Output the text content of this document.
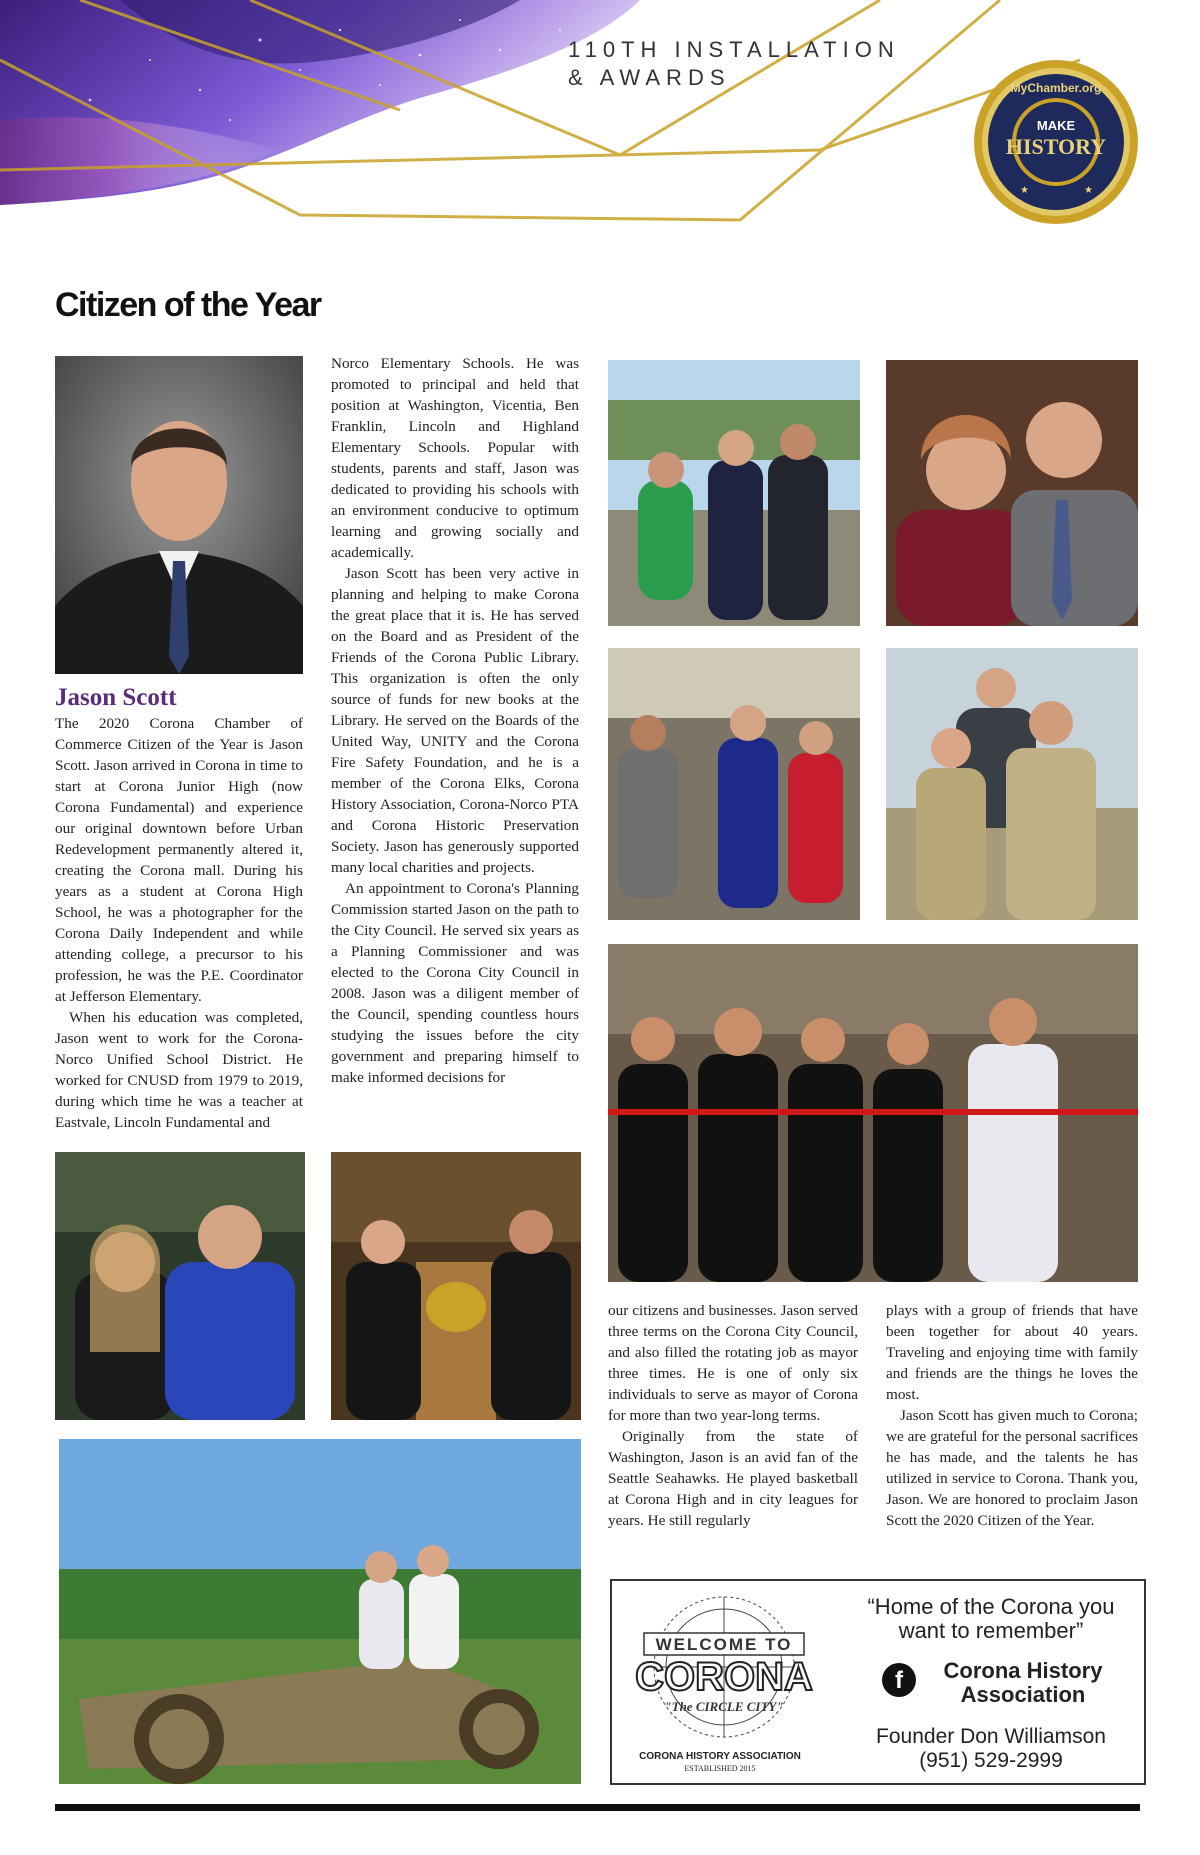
110TH INSTALLATION
& AWARDS	MyChamber.org
MAKE
HISTORY
2020
★	★
Citizen of the Year
Jason Scott

The 2020 Corona Chamber of Commerce Citizen of the Year is Jason Scott. Jason arrived in Corona in time to start at Corona Junior High (now Corona Fundamental) and experience our original downtown before Urban Redevelopment permanently altered it, creating the Corona mall. During his years as a student at Corona High School, he was a photographer for the Corona Daily Independent and while attending college, a precursor to his profession, he was the P.E. Coordinator at Jefferson Elementary.

When his education was completed, Jason went to work for the Corona-Norco Unified School District. He worked for CNUSD from 1979 to 2019, during which time he was a teacher at Eastvale, Lincoln Fundamental and

Norco Elementary Schools. He was promoted to principal and held that position at Washington, Vicentia, Ben Franklin, Lincoln and Highland Elementary Schools. Popular with students, parents and staff, Jason was dedicated to providing his schools with an environment conducive to optimum learning and growing socially and academically.

Jason Scott has been very active in planning and helping to make Corona the great place that it is. He has served on the Board and as President of the Friends of the Corona Public Library. This organization is often the only source of funds for new books at the Library. He served on the Boards of the United Way, UNITY and the Corona Fire Safety Foundation, and he is a member of the Corona Elks, Corona History Association, Corona-Norco PTA and Corona Historic Preservation Society. Jason has generously supported many local charities and projects.

An appointment to Corona's Planning Commission started Jason on the path to the City Council. He served six years as a Planning Commissioner and was elected to the Corona City Council in 2008. Jason was a diligent member of the Council, spending countless hours studying the issues before the city government and preparing himself to make informed decisions for

our citizens and businesses. Jason served three terms on the Corona City Council, and also filled the rotating job as mayor three times. He is one of only six individuals to serve as mayor of Corona for more than two year-long terms.

Originally from the state of Washington, Jason is an avid fan of the Seattle Seahawks. He played basketball at Corona High and in city leagues for years. He still regularly

plays with a group of friends that have been together for about 40 years. Traveling and enjoying time with family and friends are the things he loves the most.

Jason Scott has given much to Corona; we are grateful for the personal sacrifices he has made, and the talents he has utilized in service to Corona. Thank you, Jason. We are honored to proclaim Jason Scott the 2020 Citizen of the Year.

WELCOME TO
CORONA
"The CIRCLE CITY"
CORONA HISTORY ASSOCIATION
ESTABLISHED 2015
“Home of the Corona you want to remember”
f	Corona History Association
Founder Don Williamson
(951) 529-2999
